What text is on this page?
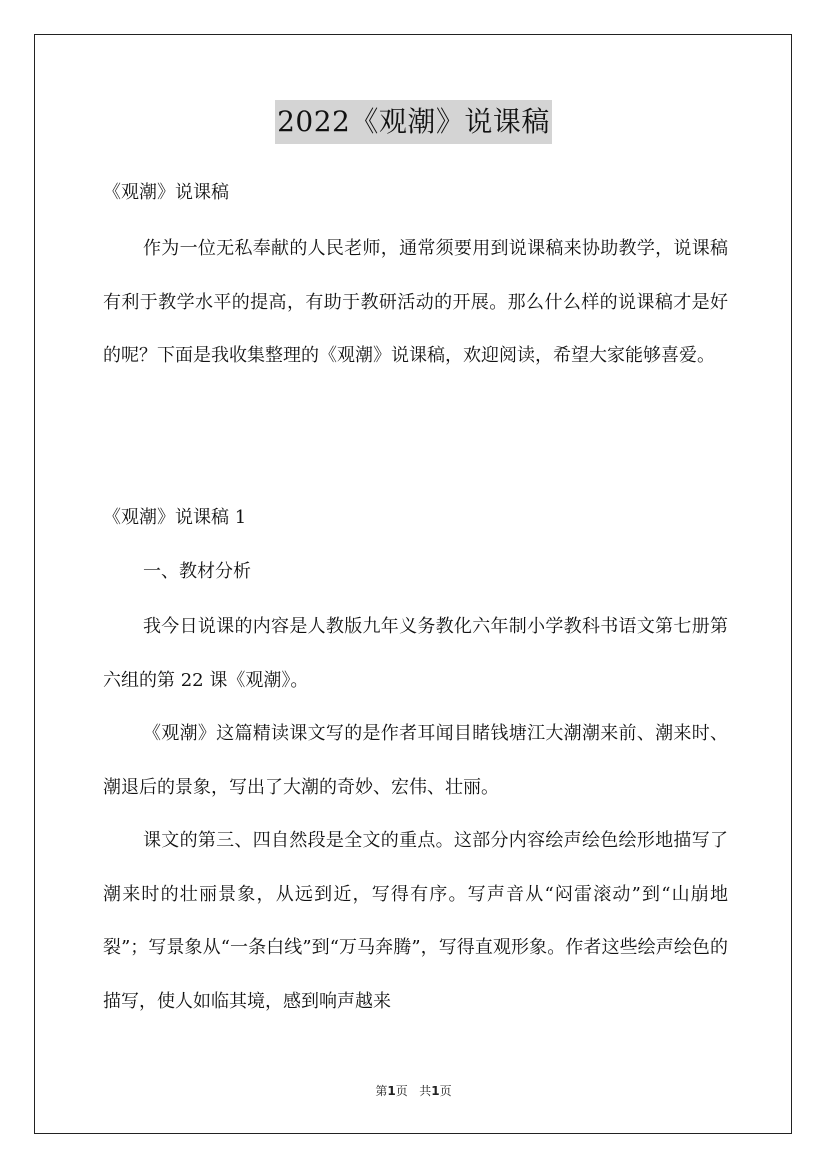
2022《观潮》说课稿

《观潮》说课稿

作为一位无私奉献的人民老师，通常须要用到说课稿来协助教学，说课稿有利于教学水平的提高，有助于教研活动的开展。那么什么样的说课稿才是好的呢？下面是我收集整理的《观潮》说课稿，欢迎阅读，希望大家能够喜爱。

《观潮》说课稿 1

一、教材分析

我今日说课的内容是人教版九年义务教化六年制小学教科书语文第七册第六组的第 22 课《观潮》。

《观潮》这篇精读课文写的是作者耳闻目睹钱塘江大潮潮来前、潮来时、潮退后的景象，写出了大潮的奇妙、宏伟、壮丽。

课文的第三、四自然段是全文的重点。这部分内容绘声绘色绘形地描写了潮来时的壮丽景象，从远到近，写得有序。写声音从“闷雷滚动”到“山崩地裂”；写景象从“一条白线”到“万马奔腾”，写得直观形象。作者这些绘声绘色的描写，使人如临其境，感到响声越来

第1页 共1页
